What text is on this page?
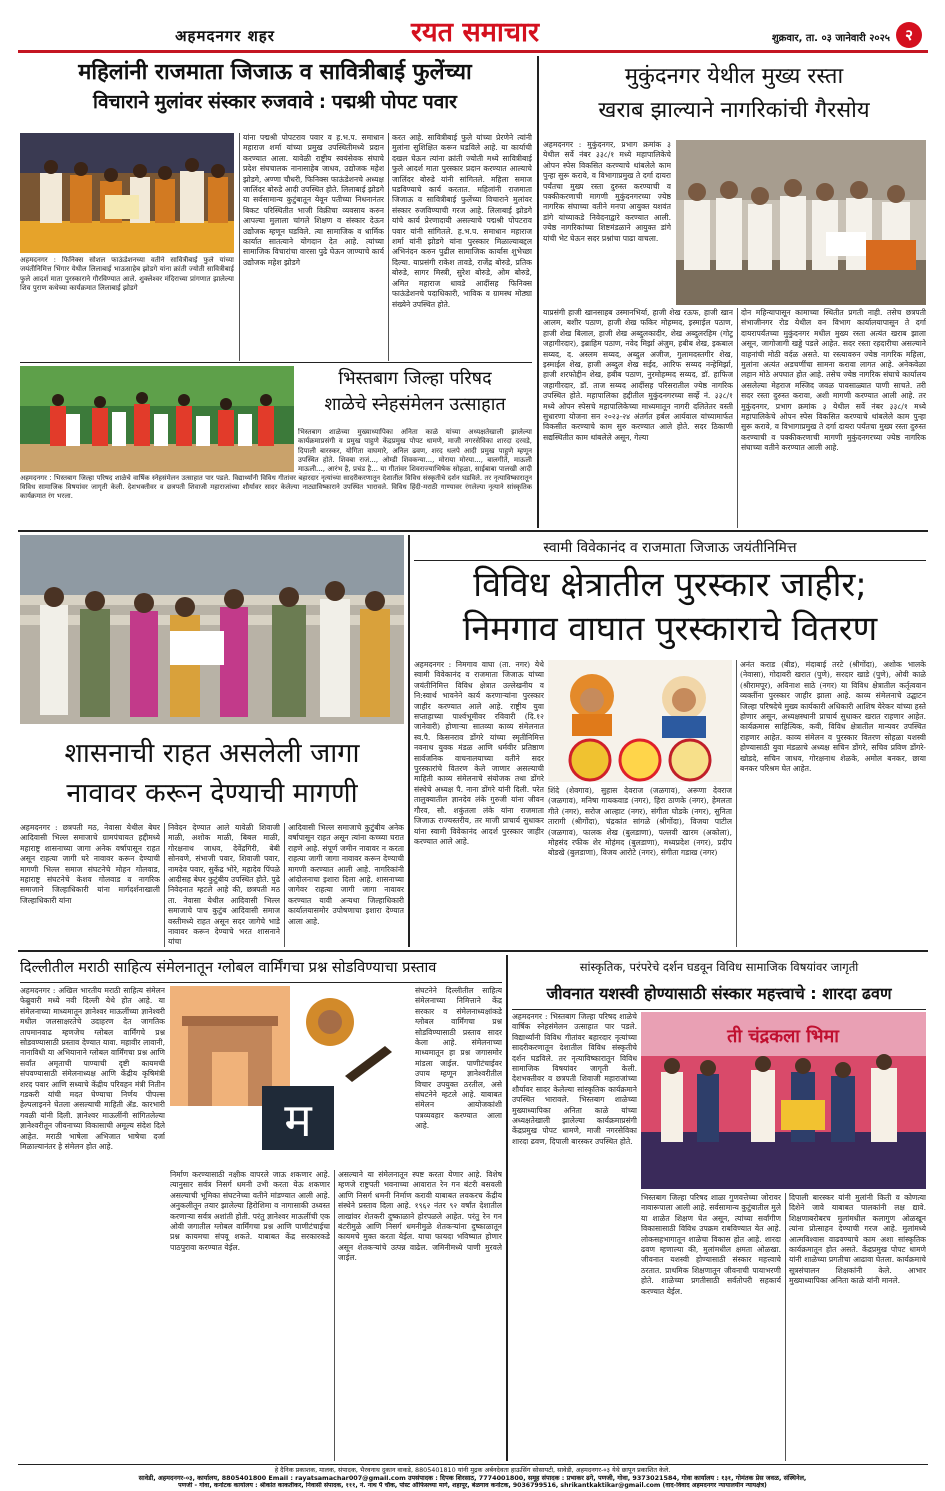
अहमदनगर शहर	रयत समाचार	शुक्रवार, ता. ०३ जानेवारी २०२५	२
महिलांनी राजमाता जिजाऊ व सावित्रीबाई फुलेंच्या
विचाराने मुलांवर संस्कार रुजवावे : पद्मश्री पोपट पवार
अहमदनगर : फिनिक्स सोशल फाऊंडेशनच्या वतीने सावित्रीबाई फुले यांच्या जयंतीनिमित्त भिंगार येथील लिलाबाई भाऊसाहेब झोडगे यांना क्रांती ज्योती सावित्रीबाई फुले आदर्श माता पुरस्काराने गौरविण्यात आले. शुक्लेश्वर मंदिराच्या प्रांगणात झालेल्या शिव पुराण कथेच्या कार्यक्रमात लिलाबाई झोडगे
यांना पद्मश्री पोपटराव पवार व ह.भ.प. समाधान महाराज शर्मा यांच्या प्रमुख उपस्थितीमध्ये प्रदान करण्यात आला. यावेळी राष्ट्रीय स्वयंसेवक संघाचे प्रदेश संघचालक नानासाहेब जाधव, उद्योजक महेश झोडगे, अण्णा चौधरी, फिनिक्स फाऊंडेशनचे अध्यक्ष जालिंदर बोरुडे आदी उपस्थित होते. लिलाबाई झोडगे या सर्वसामान्य कुटुंबातून येवून पतीच्या निधनानंतर बिकट परिस्थितीत भाजी विक्रीचा व्यवसाय करुन आपल्या मुलाला चांगले शिक्षण व संस्कार देऊन उद्योजक म्हणून घडविले. त्या सामाजिक व धार्मिक कार्यात सातत्याने योगदान देत आहे. त्यांच्या सामाजिक विचारांचा वारसा पुढे घेऊन जाण्याचे कार्य उद्योजक महेश झोडगे
करत आहे. सावित्रीबाई फुले यांच्या प्रेरणेने त्यांनी मुलांना सुशिक्षित करून घडविले आहे. या कार्याची दखल घेऊन त्यांना क्रांती ज्योती मध्ये सावित्रीबाई फुले आदर्श माता पुरस्कार प्रदान करण्यात आल्याचे जालिंदर बोरुडे यांनी सांगितले. महिला समाज घडविण्याचे कार्य करतात. महिलांनी राजमाता जिजाऊ व सावित्रीबाई फुलेंच्या विचाराने मुलांवर संस्कार रुजविण्याची गरज आहे. लिलाबाई झोडगे यांचे कार्य प्रेरणादायी असल्याचे पद्मश्री पोपटराव पवार यांनी सांगितले. ह.भ.प. समाधान महाराज शर्मा यांनी झोडगे यांना पुरस्कार मिळाल्याबद्दल अभिनंदन करुन पुढील सामाजिक कार्यास शुभेच्छा दिल्या. याप्रसंगी राकेश तावडे, राजेंद्र बोरुडे, प्रतिक बोरुडे, सागर मिस्त्री, सुरेश बोरुडे, ओम बोरुडे, अमित महाराज धावडे आदींसह फिनिक्स फाऊंडेशनचे पदाधिकारी, भाविक व ग्रामस्थ मोठ्या संख्येने उपस्थित होते.
मुकुंदनगर येथील मुख्य रस्ता
खराब झाल्याने नागरिकांची गैरसोय
अहमदनगर : मुकुंदनगर, प्रभाग क्रमांक ३ येथील सर्वे नंबर ३३८/१ मध्ये महापालिकेचे ओपन स्पेस विकसित करण्याचे थांबलेले काम पुन्हा सुरू करावे, व विभागाप्रमुख ते दर्गा दायरा पर्यंतचा मुख्य रस्ता दुरुस्त करण्याची व पक्कीकरणाची मागणी मुकुंदनगरच्या ज्येष्ठ नागरिक संघाच्या वतीने मनपा आयुक्त यशवंत डांगे यांच्याकडे निवेदनाद्वारे करण्यात आली. ज्येष्ठ नागरिकांच्या शिष्टमंडळाने आयुक्त डांगे यांची भेट घेऊन सदर प्रश्नांचा पाढा वाचला.
याप्रसंगी हाजी खानसाहब उस्मानभिर्या, हाजी शेख रऊफ, हाजी खान आलम, बशीर पठाण, हाजी शेख फकिर मोहम्मद, इस्माईल पठाण, हाजी शेख बिलाल, हाजी शेख अब्दुलकादीर, शेख अब्दुलरहिम (गोटू जहागीरदार), इब्राहिम पठाण, नवेद मिर्झा अंजुम, हबीब शेख, इकबाल सय्यद, द. अस्लम सय्यद, अब्दुल अजीज, गुलामदस्तगीर शेख, इस्माईल शेख, हाजी अब्दुल शेख सईद, आरिफ सय्यद नन्हेमिर्झा, हाजी शरफोद्दीन शेख, हबीब पठाण, नुरमोहम्मद सय्यद, डॉ. हाफिज जहागीरदार, डॉ. ताज सय्यद आदींसह परिसरातील ज्येष्ठ नागरिक उपस्थित होते. महापालिका हद्दीतील मुकुंदनगरच्या सर्व्हे नं. ३३८/१ मध्ये ओपन स्पेसचे महापालिकेच्या माध्यमातून नागरी दलितेतर वस्ती सुधारणा योजना सन २०२३-२४ अंतर्गत हर्बल आर्यवाल यांच्यामार्फत विकसीत करण्याचे काम सुरु करण्यात आले होते. सदर ठिकाणी सद्यस्थितीत काम थांबलेले असून, गेल्या
दोन महिन्यापासून कामाच्या स्थितीत प्रगती नाही. तसेच छत्रपती संभाजीनगर रोड येथील वन विभाग कार्यालयापासून ते दर्गा दायरापर्यंतच्या मुकुंदनगर मधील मुख्य रस्ता अत्यंत खराब झाला असून, जागोजागी खड्डे पडले आहेत. सदर रस्ता रहदारीचा असल्याने वाहनांची मोठी वर्दळ असते. या रस्त्यावरुन ज्येष्ठ नागरिक महिला, मुलांना अत्यंत अडचणींचा सामना करावा लागत आहे. अनेकवेळा लहान मोठे अपघात होत आहे. तसेच ज्येष्ठ नागरिक संघाचे कार्यालय असलेल्या मेहराज मस्जिद जवळ पावसाळ्यात पाणी साचते. तरी सदर रस्ता दुरुस्त करावा, अशी मागणी करण्यात आली आहे. तर मुकुंदनगर, प्रभाग क्रमांक ३ येथील सर्वे नंबर ३३८/१ मध्ये महापालिकेचे ओपन स्पेस विकसित करण्याचे थांबलेले काम पुन्हा सुरू करावे, व विभागाप्रमुख ते दर्गा दायरा पर्यंतचा मुख्य रस्ता दुरुस्त करण्याची व पक्कीकरणाची मागणी मुकुंदनगरच्या ज्येष्ठ नागरिक संघाच्या वतीने करण्यात आली आहे.
अहमदनगर : भिस्तबाग जिल्हा परिषद शाळेचे वार्षिक स्नेहसंमेलन उत्साहात पार पडले. विद्यार्थ्यांनी विविध गीतांवर बहारदार नृत्यांच्या सादरीकरणातून देशातील विविध संस्कृतीचे दर्शन घडविले. तर नृत्याविष्कारातून विविध सामाजिक विषयांवर जागृती केली. देशभक्तीवर व छत्रपती शिवाजी महाराजांच्या शौर्यावर सादर केलेल्या नाट्याविष्काराने उपस्थित भारावले. विविध हिंदी-मराठी गाण्यावर रंगलेल्या नृत्याने सांस्कृतिक कार्यक्रमात रंग भरला.
भिस्तबाग जिल्हा परिषद
शाळेचे स्नेहसंमेलन उत्साहात
भिस्तबाग शाळेच्या मुख्याध्यापिका अनिता काळे यांच्या अध्यक्षतेखाली झालेल्या कार्यक्रमाप्रसंगी व प्रमुख पाहुणे केंद्रप्रमुख पोपट धामणे, माजी नगरसेविका शारदा दरवडे, दिपाली बारस्कर, योगिता वाघमारे, अनिल ढवण, शरद धलपे आदी प्रमुख पाहुणे म्हणून उपस्थित होते. शिवबा राजं..., ओम्डी शिवकन्या..., मोराया मोरया..., बालगीते, माऊली माऊली..., आरंभ है, प्रचंड है... या गीतांवर शिवराज्याभिषेक सोहळा, साईबाबा पालखी आदी
शासनाची राहत असलेली जागा
नावावर करून देण्याची मागणी
अहमदनगर : छत्रपती मठ, नेवासा येथील बेघर आदिवासी भिल्ल समाजाचे ग्रामपंचायत हद्दीमध्ये महाराष्ट्र शासनाच्या जागा अनेक वर्षापासून राहत असून राहत्या जागी घरे नावावर करून देण्याची मागणी भिल्ल समाज संघटनेचे मोहन गोलवाड, महाराष्ट्र संघटनेचे केशव गोलवाड व नागरिक समाजाने जिल्हाधिकारी यांना मार्गदर्शनाखाली जिल्हाधिकारी यांना
निवेदन देण्यात आले यावेळी शिवाजी माळी, अशोक माळी, बिबल माळी, गोरक्षनाथ जाधव, देवेंद्रगिरी, बेबी सोनवणे, संभाजी पवार, शिवाजी पवार, नामदेव पवार, सुकेंद्र भोरे, महादेव पिंपळे आदीसह बेघर कुटुंबीय उपस्थित होते. पुढे निवेदनात म्हटले आहे की, छत्रपती मठ ता. नेवासा येथील आदिवासी भिल्ल समाजाचे पाच कुटुंब आदिवासी समाज वस्तीमध्ये राहत असून सदर जागेचे भाडे नावावर करून देण्याचे भरत शासनाने यांचा
आदिवासी भिल्ल समाजाचे कुटुंबीय अनेक वर्षापासून राहत असून त्यांना कच्च्या घरात राहणे आहे. संपूर्ण जमीन नावावर न करता राहत्या जागी जागा नावावर करून देण्याची मागणी करण्यात आली आहे. नागरिकांनी आंदोलनाचा इशारा दिला आहे. शासनाच्या जागेवर राहत्या जागी जागा नावावर करण्यात यावी अन्यथा जिल्हाधिकारी कार्यालयासमोर उपोषणाचा इशारा देण्यात आला आहे.
स्वामी विवेकानंद व राजमाता जिजाऊ जयंतीनिमित्त
विविध क्षेत्रातील पुरस्कार जाहीर;
निमगाव वाघात पुरस्काराचे वितरण
अहमदनगर : निमगाव वाघा (ता. नगर) येथे स्वामी विवेकानंद व राजमाता जिजाऊ यांच्या जयंतीनिमित्त विविध क्षेत्रात उल्लेखनीय व नि:स्वार्थ भावनेने कार्य करणाऱ्यांना पुरस्कार जाहीर करण्यात आले आहे. राष्ट्रीय युवा सप्ताहाच्या पार्श्वभूमीवर रविवारी (दि.१२ जानेवारी) होणाऱ्या सातव्या काव्य संमेलनात स्व.पै. किसनराव डोंगरे यांच्या स्मृतीनिमित्त नवनाथ युवक मंडळ आणि धर्मवीर प्रतिष्ठाण सार्वजनिक वाचनालयाच्या वतीने सदर पुरस्कारांचे वितरण केले जाणार असल्याची माहिती काव्य संमेलनाचे संयोजक तथा डोंगरे संस्थेचे अध्यक्ष पै. नाना डोंगरे यांनी दिली. परेत तालुक्यातील ज्ञानदेव लंके गुरुजी यांना जीवन गौरव, सौ. शकुंतला लंके यांना राजमाता जिजाऊ राज्यस्तरीय, तर माजी प्राचार्य सुधाकर यांना स्वामी विवेकानंद आदर्श पुरस्कार जाहीर करण्यात आले आहे.
शिंदे (शेवगाव), सुहास देवराज (जळगाव), अरूणा देवराज (जळगाव), मनिषा गायकवाड (नगर), हिरा ठाणके (नगर), हेमलता गीते (नगर), सरोज आल्हाट (नगर), संगीता घोडके (नगर), सुनिता तारागी (श्रीगोंदा), चंद्रकांत सांगळे (श्रीगोंदा), विजया पाटील (जळगाव), फालक शेख (बुलडाणा), पल्लवी खारम (अकोला), मोहसंद रफीक शेर मोहंमद (बुलडाणा), मध्यप्रदेश (नगर), प्रदीप बोडखे (बुलडाणा), विजय आरोटे (नगर), संगीता गडाख (नगर)
अनंत कराड (बीड), मंदाबाई तरटे (श्रीगोंदा), अशोक भालके (नेवासा), गोदावरी खरात (पुणे), सरदार खाडे (पुणे), ओवी काळे (श्रीरामपूर), अविनाश साठे (नगर) या विविध क्षेत्रातील कर्तृत्ववान व्यक्तींना पुरस्कार जाहीर झाला आहे. काव्य संमेलनाचे उद्घाटन जिल्हा परिषदेचे मुख्य कार्यकारी अधिकारी आशिष येरेकर यांच्या हस्ते होणार असून, अध्यक्षस्थानी प्राचार्य सुधाकर खरात राहणार आहेत. कार्यक्रमास साहित्यिक, कवी, विविध क्षेत्रातील मान्यवर उपस्थित राहणार आहेत. काव्य संमेलन व पुरस्कार वितरण सोहळा यशस्वी होण्यासाठी युवा मंडळाचे अध्यक्ष सचिन डोंगरे, सचिव प्रविण डोंगरे-खोडदे, सचिन जाधव, गोरक्षनाथ शेळके, अमोल बनकर, छाया बनकर परिश्रम घेत आहेत.
दिल्लीतील मराठी साहित्य संमेलनातून ग्लोबल वार्मिंगचा प्रश्न सोडविण्याचा प्रस्ताव
अहमदनगर : अखिल भारतीय मराठी साहित्य संमेलन फेब्रुवारी मध्ये नवी दिल्ली येथे होत आहे. या संमेलनाच्या माध्यमातून ज्ञानेश्वर माऊलींच्या ज्ञानेश्वरी मधील जलसाक्षरतेचे उदाहरण देत जागतिक तापमानवाढ म्हणजेच ग्लोबल वार्मिंगचे प्रश्न सोडवण्यासाठी प्रस्ताव देण्यात यावा. महावीर लावानी, नानाविधी या अभियानाने ग्लोबल वार्मिंगचा प्रश्न आणि सर्वांत अमृताची पाण्याची दृष्टी कायमची संपवण्यासाठी संमेलनाध्यक्ष आणि केंद्रीय कृषिमंत्री शरद पवार आणि सध्याचे केंद्रीय परिवहन मंत्री नितीन गडकरी यांची मदत घेण्याचा निर्णय पीपल्स हेल्पलाइनने घेतला असल्याची माहिती ॲड. कारभारी गवळी यांनी दिली. ज्ञानेश्वर माऊलींनी सांगितलेल्या ज्ञानेश्वरीतून जीवनाच्या विकासाची अमूल्य संदेश दिले आहेत. मराठी भाषेला अभिजात भाषेचा दर्जा मिळाल्यानंतर हे संमेलन होत आहे.	म
संघटनेने दिल्लीतील साहित्य संमेलनाच्या निमित्ताने केंद्र सरकार व संमेलनाध्यक्षांकडे ग्लोबल वार्मिंगचा प्रश्न सोडविण्यासाठी प्रस्ताव सादर केला आहे. संमेलनाच्या माध्यमातून हा प्रश्न जगासमोर मांडला जाईल. पाणीटंचाईवर उपाय म्हणून ज्ञानेश्वरीतील विचार उपयुक्त ठरतील, असे संघटनेने म्हटले आहे. याबाबत संमेलन आयोजकांशी पत्रव्यवहार करण्यात आला आहे.
निर्माण करण्यासाठी नक्षीक वापरले जाऊ शकणार आहे. त्यानुसार सर्वत्र निसर्ग धमनी उभी करता येऊ शकणार असल्याची भूमिका संघटनेच्या वतीने मांडण्यात आली आहे. अनुकलीतून तयार झालेल्या हिरोशिमा व नागासाकी उध्वस्त करणाऱ्या सर्वत्र अशांती होती. परंतु ज्ञानेश्वर माऊलींची एक ओवी जगातील ग्लोबल वार्मिंगचा प्रश्न आणि पाणीटंचाईचा प्रश्न कायमचा संपवू शकते. याबाबत केंद्र सरकारकडे पाठपुरावा करण्यात येईल.
असल्याने या संमेलनातून स्पष्ट करता येणार आहे. विशेष म्हणजे राष्ट्रपती भवनाच्या आवारात रेन गन बंटरी बसवली आणि निसर्ग धमनी निर्माण करावी याबाबत लवकरच केंद्रीय संस्थेने प्रस्ताव दिला आहे. १९६२ नंतर ९२ वर्षांत देशातील लाखांवर शेतकरी दुष्काळाने होरपळले आहेत. परंतु रेन गन बंटरीमुळे आणि निसर्ग धमनीमुळे शेतकऱ्यांना दुष्काळातून कायमचे मुक्त करता येईल. याचा फायदा भविष्यात होणार असून शेतकऱ्यांचे उत्पन्न वाढेल. जमिनीमध्ये पाणी मुरवले जाईल.
सांस्कृतिक, परंपरेचे दर्शन घडवून विविध सामाजिक विषयांवर जागृती
जीवनात यशस्वी होण्यासाठी संस्कार महत्त्वाचे : शारदा ढवण
अहमदनगर : भिस्तबाग जिल्हा परिषद शाळेचे वार्षिक स्नेहसंमेलन उत्साहात पार पडले. विद्यार्थ्यांनी विविध गीतांवर बहारदार नृत्यांच्या सादरीकरणातून देशातील विविध संस्कृतीचे दर्शन घडविले. तर नृत्याविष्कारातून विविध सामाजिक विषयांवर जागृती केली. देशभक्तीवर व छत्रपती शिवाजी महाराजांच्या शौर्यावर सादर केलेल्या सांस्कृतिक कार्यक्रमाने उपस्थित भारावले. भिस्तबाग शाळेच्या मुख्याध्यापिका अनिता काळे यांच्या अध्यक्षतेखाली झालेल्या कार्यक्रमाप्रसंगी केंद्रप्रमुख पोपट धामणे, माजी नगरसेविका शारदा ढवण, दिपाली बारस्कर उपस्थित होते.
ती चंद्रकला भिमा
भिस्तबाग जिल्हा परिषद शाळा गुणवत्तेच्या जोरावर नावारूपाला आली आहे. सर्वसामान्य कुटुंबातील मुले या शाळेत शिक्षण घेत असून, त्यांच्या सर्वांगीण विकासासाठी विविध उपक्रम राबविण्यात येत आहे. लोकसहभागातून शाळेचा विकास होत आहे. शारदा ढवण म्हणाल्या की, मुलांमधील क्षमता ओळखा. जीवनात यशस्वी होण्यासाठी संस्कार महत्त्वाचे ठरतात. प्राथमिक शिक्षणातून जीवनाची पायाभरणी होते. शाळेच्या प्रगतीसाठी सर्वतोपरी सहकार्य करण्यात येईल.
दिपाली बारस्कर यांनी मुलांनी किती व कोणत्या दिशेने जावे याबाबत पालकांनी लक्ष द्यावे. शिक्षणाबरोबरच मुलांमधील कलागुण ओळखून त्यांना प्रोत्साहन देण्याची गरज आहे. मुलांमध्ये आत्मविश्वास वाढवण्याचे काम अशा सांस्कृतिक कार्यक्रमातून होत असते. केंद्रप्रमुख पोपट धामणे यांनी शाळेच्या प्रगतीचा आढावा घेतला. कार्यक्रमाचे सूत्रसंचालन शिक्षकांनी केले. आभार मुख्याध्यापिका अनिता काळे यांनी मानले.
हे दैनिक प्रकाशक, मालक, संपादक, भैरवनाथ दुकान वाकडे, 8805401810 यांनी मुद्रक अर्बनदेवता हाऊसिंग सोसायटी, सावेडी, अहमदनगर-०३ येथे छापून प्रकाशित केले.
सावेडी, अहमदनगर-०३, कार्यालय, 8805401800 Email : rayatsamachar007@gmail.com उपसंपादक : दिपक शिरसाठ, 7774001800, समूह संपादक : प्रभाकर ढगे, पणजी, गोवा, 9373021584, गोवा कार्यालय : १३१, गोमंतक प्रेस जवळ, संस्थिनेल,
पणजी - गोवा, कर्नाटक कार्यालय : श्रीकांत काकतीकर, निवासी संपादक, १११, नं. नाथ पै चौक, पोस्ट ऑफिसच्या मागे, शहापूर, बेळगाव कर्नाटक, 9036799516, shrikantkaktikar@gmail.com (वाद-विवाद अहमदनगर न्यायालयीन न्यायक्षेत्र)
